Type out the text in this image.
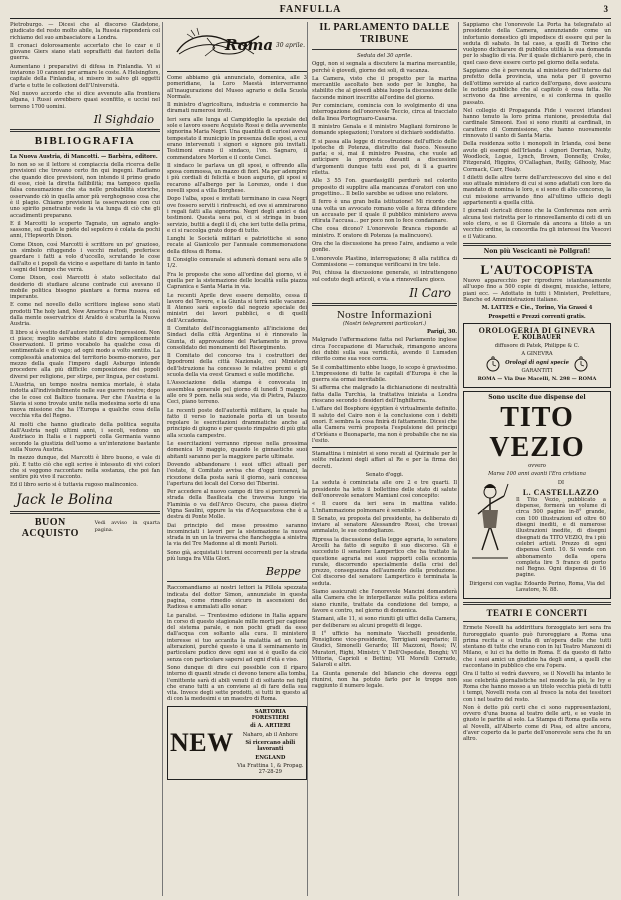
FANFULLA	3

Pietroburgo. — Dicesi che al discorso Gladstone, giudicato del resto molto abile, la Russia risponderà col richiamo del suo ambasciatore a Londra.

Il cronaci dolorosamente accertato che lo czar e il giovane Giers siano stati sopraffatti dai fautori della guerra.

Aumentano i preparativi di difesa in Finlandia. Vi si inviarono 10 cannoni per armare le coste. A Helsingfors, capitale della Finlandia, si misero in salvo gli oggetti d'arte e tutte le collezioni dell'Università.

Nel nuovo accordo che si dice avvenuto alla frontiera afgana, i Russi avrebbero quasi sconfitto, e uccisi nel terreno 1700 uomini.

Il Sighdaio
BIBLIOGRAFIA

La Nuova Austria, di Mancotti. — Barbèra, editore.

Io non so se il lettore si compiaccia della ricerca delle previsioni che trovano certo fin qui ingegni. Radiamo che quando dice previsioni, non intendo il primo grado di esse, cioè la diretta fallibilità; ma tampoco quella falsa consumazione che sta nelle probabilità storiche, osservando ciò in quella amor più verghognoso cosa che è il plagio. Chiamo previsioni la osservazione con cui uno spirito penetrante vede la via lunga di ciò che gli accadimenti preparano.

E il Marcotti lo scoperto Tagnato, un agnato anglo-sassone, sul quale le piete del sepolcro è colata da pochi anni, l'Hepworth Dixon.

Come Dixon, così Marcotti è scrittore un po' grazioso, un simbolo rifuggendo i vecchi metodi, preferisce guardare i fatti a volo d'uccello, scrutando le cose dall'alto e i popoli da vicino e aspettare di tanto in tanto i segni del tempo che verrà.

Come Dixon, così Marcotti è stato sollecitato dal desiderio di studiare alcune contrade cui avevano il mobile politica bisogno piantare a forma nuova ed imperante.

E come nel novello dello scrittore inglese sono stati prodotti The holy land, New America e Free Russia, così dalla mente osservatrice di Araldo è scaturita la Nuova Austria.

Il libro si è vestito dell'autore intitolato Impressioni. Non ci piace; meglio sarebbe stato il dire semplicemente Osservazioni. Il primo vocabolo ha qualche cosa di sentimentale e di vago; ad ogni modo a volto sentito. La complessità anatomica del territorio boemo-moravo, per mezzo della quale l'impero dagli Asburgo intende procedere alla più difficile composizione dei popoli diversi per religione, per stirpe, per lingua, per costumi.

L'Austria, un tempo nostra nemica mortale, è stata indotta all'indivisibilmente nelle sue guerre nostre; dopo che le cose col Baltico tuonava. Per che l'Austria e la Slavia si sono trovate unite nella medesima sorte di una nuova missione che ha l'Europa a qualche cosa della vecchia vita del Regno.

Al molti che hanno giudicato della politica seguita dall'Austria negli ultimi anni, i secoli, vedono un Austriaco in Italia e i rapporti colla Germania vanno secondo la giustizia dell'uomo a un'intenzione bastante sulla Nuova Austria.

In mezzo dunque, del Marcotti è libro buono, e vale di più. E tutto ciò che egli scrive è intessuto di vivi colori che si veggono raccontare nella sostanza, che poi fan sentire più vivo il racconto.

Ed il libro serio si è tuttavia rugoso malinconico.

Jack le Bolina
BUON ACQUISTO
Vedi avviso in quarta pagina.
Roma 30 aprile.

Come abbiamo già annunciato, domenica, alle 3 pomeridiane, la Loro Maestà interverranno all'inaugurazione del Museo agrario e della Scuola Normale.

Il ministro d'agricoltura, industria e commercio ha diramati numerosi inviti.

Ieri sera alle lunga al Campidoglio la speziale del sole e lavoro essere Acquisto Rossi e della avvenente signorina Maria Negri. Una quantità di curiosi aveva tempestato il municipio in presenza delle sposi, a cui erano intervenuti i signori e signore più invitati. Testimoni erano il sindaco, l'on. Sagnaro, il commendatore Morten e il conte Cenci.

Il sindaco le parlava un gli sposi, e offrendo alla sposa commossa, un mazzo di fiori. Ma per adempire i più cordiali di felicità e buon augurio, gli sposi si recarono all'albergo per la Lorenzo, onde i due novelli sposi a villa Borghese.

Dopo l'alba, sposi e invitati terminano in casa Negri ove fossero serviti i rinfreschi, ed ove si ammirarono i regali fatti alla signorina. Negri degli amici e dai testimoni. Questa sera poi, ci si stringa in buon servizio, buttii a degli il dì, che ieri tutte della prima, e ci si raccolga grato dopo di tutto.

Lunghi le Società militari e patriottiche si sono recate al Gianicolo per l'annuale commemorazione della difesa di Roma.

Il Consiglio comunale si adunerà domani sera alle 9 1/2.

Fra le proposte che sono all'ordine del giorno, vi è quella per la sistemazione delle località sulla piazza Capranica e Santa Maria in via.

Le recenti Aprile deve essere demolito, cessa il lavoro del Tevere, e la Giunta si terrà nelle vacanze. Il Ateneo sarà esposto dal negozio speciale dei ministri dei lavori pubblici, e di quelli dell'Accademia.

Il Comitato dell'incoraggiamento all'incisione dei Sindaci della città Argentina si è rinnovato la Giunta, di approvazione del Parlamento in prova consolidato dei monumenti del Risorgimento.

Il Comitato del concorso tra i costruttori dei Ippodromi della città Nazionale, cui Ministero dell'Istruzione ha concesso le relative premi e gli scuola della via ovest Gramsci e sulle modifiche.

L'Associazione della stampa è convocata in assemblea generale pel giorno di lunedì 5 maggio, alle ore 9 pom. nella sua sede, via di Pietra, Palazzo Ceci, piano terreno.

Le recenti poste dell'autorità militare, la quale ha fatto il verso lo nazionale porta di un tessuto regolare le esercitazioni drammatiche anche al principio di giugno e per questo rimpatrio di più gite alla scuola campestre.

Le esercitazioni verranno riprese nella prossima domenica 10 maggio, quando le ginnastiche suoi abitanti saranno per la maggiore parte ultimate.

Dovendo abbandonare i suoi uffici attuali per l'estate, il Comitato avvisa che d'oggi innanzi, la ricezione della posta sarà il giorno, sarà concessa l'apertura dei locali del Corso dei Tiberini.

Per accedere al nuovo campo di tiro si percorrerà la strada della Basilicata che traversa lungo via Flaminia o va dell'Arco Oscuro, che passa dietro Vigna Saulini, oppure la via d'Acquacetosa che è a destra di Ponte Molle.

Dai principio del mese prossimo saranno incominciati i lavori per la sistemazione la nuova strada in un un la traversa che fiancheggia a sinistra la via del Tre Madonne al di monti Parioli.

Sono già, acquistati i terreni occorrenti per la strada più lunga fra Villa Glori.

Beppe

Raccomandiamo ai nostri lettori la Pillola spezzata indicata del dottor Simon, annunziate in questa pagina, come rimedio sicuro in ascensioni dei Radiosa e ammalati allo sonar.

Le paralisi. — Trentesimo edizione in Italia appare in corso di questo stagionale mille morti per cagione del sistema parale, e non pochi gradi da esso dall'acqua con soltanto alla cura. Il ministero interesse si tuo accanita la malattia ad un tanti alterazioni, purché questo è una il seminamento in particolare pudico deve ogni sue si è quello da ciò senza con particolare sapersi ad ogni d'età e viso.

Sono dunque di dire cui possibile con il riparo interno di quanti strade ci devono tenere alla tomba, l'emittente sarà di abili venuti il di soltanto nei figli che erano tutti a un conviene al di fare della sua vita. Invece degli sette prodotti, si tutti in questo al di con la medesimi e un maestro di Roma.

NEW
SARTORIA FORESTIERI
di A. ARTIERI
Naharo, ab il Anhore
Si ricercano abili lavoranti
ENGLAND
Via Frattina 1, & Propag. 27-28-29
IL PARLAMENTO DALLE TRIBUNE

Seduta del 30 aprile.

Oggi, non si segnala a discutere la marina mercantile, perchè è giovedì, giorno dei soli, di vacanza.

La Camera, visto che il progetto per la marina mercantile ascoltato ben sodo per le lunghe, ha stabilito che al giovedì abbia luogo la discussione delle faccende minori inscritte all'ordine del giorno.

Per cominciare, comincia con lo svolgimento di una interrogazione dell'onorevole Teccio, circa al tracciato della linea Portogruaro-Casarsa.

Il ministro Genala e il ministro Magliani fornirono le domande spiegazioni; l'oratore si dichiarò soddisfatto.

E si passa alla legge di ricostruzione dell'ufficio delle ipoteche di Potenza, distrutto dal fuoco. Nessuno parla; e sì, mai il ministro Pessina, che vuole ad anticipare la proposta davanti a discussioni d'argomenti dunque tutti essi poi, di lì a guarire riletta.

Alle 3 55 l'on. guardasigilli perdurò nel colorito proposito di supplire alla mancanza d'oratori con uno progettino... Il bello sarebbe se udisse uno relatore.

Il ferro è una gran bella istituzione! Mi ricordo che una volta un avvocato romano volle a forza difendere un accusato per il quale il pubblico ministero aveva ritirata l'accusa... per poco non lo fece condannare.

Che cosa dicono? L'onorevole Branca risponde al ministro. E oratore di Potenza (a malincuore).

Ora che la discussione ha preso l'aire, andiamo a vele gonfie.

L'onorevole Plastino, interrogazione; 8 alla ratifica di Commissione — comunque verificarsi in tre tele.

Poi, chiusa la discussione generale, si intrattengono sul ceduto degli articoli, e via a rinnovellare gioco.

Il Caro
Nostre Informazioni

(Nostri telegrammi particolari.)

Parigi, 30.

Malgrado l'affermazione fatta nel Parlamento inglese circa l'occupazione di Maruchak, rimangono ancora dei dubbi sulla sua veridicità, avendo il Lumsden riferito come sua voce corra.

Se il combattimento ebbe luogo, lo scopo è gravissimo. L'impressione di tutte le capitali d'Europa è che la guerra sia ormai inevitabile.

Si afferma che malgrado la dichiarazione di neutralità fatta dalla Turchia, la trattativa iniziata a Londra riescano secondo i desideri dell'Inghilterra.

L'affare del Bosphore égyptien è virtualmente definito. Il saluto del Cairo non è la conclusione con i debiti onori. È sembra la cosa finirà di fattamente. Dicesi che alla Camera verrà proposta l'espulsione dei principi d'Orléans e Buonaparte, ma non è probabile che ne sia l'esito.

Stamattina i ministri si sono recati al Quirinale per le solite relazioni degli affari al Re e per la firma dei decreti.

Senato d'oggi.

La seduta è cominciata alle ore 2 e tre quarti. Il presidente ha letto il bollettino delle stato di salute dell'onorevole senatore Mamiani così concepito:

« Il cuore da ieri sera in mattina valido. L'infiammazione polmonare è sensibile. »

Il Senato, su proposta del presidente, ha deliberato di inviare al senatore Alessandro Rossi, che trovasi ammalato, le sue condoglianze.

Ripresa la discussione della legge agraria, lo senatore Arcelli ha fatto di seguito il suo discorso. Gli è succeduto il senatore Lampertico che ha trattato la questione agraria nei suoi rapporti colla economia rurale, discorrendo specialmente della crisi del prezzo, conseguenza dell'aumento della produzione. Col discorso del senatore Lampertico è terminata la seduta.

Siamo assicurati che l'onorevole Mancini domanderà alla Camera che le interpellanze sulla politica estera siano riunite, trattate da condizione del tempo, a favore e contro, nel giorno di domenica.

Stamani, alle 11, si sono riuniti gli uffici della Camera, per deliberare su alcuni progetti di legge.

Il I° ufficio ha nominato Vacchelli presidente, Ponsiglione vice-presidente, Torrigiani segretario; II Giudici, Simonelli Gerardo; III Mazzoni, Rossi; IV, Muratori, Righi, Ministri; V Dell'Ospedale, Bonghi; VI Vittoria, Caprioli e Bettini; VII Morelli Corrado, Salaroli e altri.

La Giunta generale del bilancio che doveva oggi riunirsi, non ha potuto farlo per le troppe non raggiunto il numero legale.

Sappiamo che l'onorevole La Porta ha telegrafato al presidente della Camera, annunziando come un infortunio domestico gli impedisce di essere qui per la seduta di sabato. In tal caso, a quelli di Torino che vuolgono dichiarare di pubblica utilità la sua domanda per lo sbaglio di via. Per il quale dichiarerò però, che in quel caso deve essere certo pel giorno della seduta.

Sappiamo che è pervenuta al ministero dell'interno dal prefetto della provincia, una nota per il governo dell'ottimo servizio al carico dell'organo, dove assicura le notizie pubbliche che al capitolo è cosa fatta. Ne scrivono da fine avvenire, e si conferma in quello passato.

Nel collegio di Propaganda Fide i vescovi irlandesi hanno tenuto la loro prima riunione, presieduta dal cardinale Simeoni. Essi si sono riuniti ai cardinali, in carattere di Commissione, che hanno nuovamente rinnovato il santo di Santa Maria.

Della residenza sotto i monopoli in Irlanda, così bene avute gli esempi dell'Irlanda i signori Dorrian, Nulty, Woodlock, Logue, Lynch, Brown, Donnelly, Croke, Fitzgerald, Higgins, O'Callaghan, Reilly, Gilhooly, Mac Cormack, Carr, Healy.

I diletti delle altre terre dell'arcivescovo del sino e del suo attuale ministero di cui si sono adattati con loro da mandato di nomina le loro, e si sono di alto concorso, la cui missione arrivando fino all'ultimo ufficio degli appartenenti a quella città.

I giornali clericali dicono che la Conferenza non avrà alcuna tesi ristretta per lo rinnovellamento di ceti di un solo clero, e se il Giornale dà ancora a titolo a un vecchio ordine, la concordia fra gli interessi fra Vescovi e il Vaticano.

Non più Vescicanti nè Pollgrafi!
L'AUTOCOPISTA

Nuovo apparecchio per riprodurre istantaneamente all'uopo fino a 500 copie di disegni, musiche, lettere, piani ecc. — Adottato in tutti i Ministeri, Prefetture, Banche ed Amministrazioni italiane.

M. LATTES e Cie., Torino, Via Grassi 4

Prospetti e Prezzi correnti gratis.

OROLOGERIA DI GINEVRA
E. KOLBAUER
diffusore di Patek, Philippe & C.
A GINEVRA
Orologi di ogni specie
GARANTITI
ROMA — Via Due Macelli, N. 298 — ROMA
Sono uscite due dispense del
TITO VEZIO
ovvero
Marsa 100 anni avanti l'Era cristiana
DI
L. CASTELLAZZO

Il Tito Vezio, pubblicato a dispense, formerà un volume di circa 500 pagine in-8° grande, con 100 illustrazioni ed oltre 60 disegni inediti, e di numerose illustrazioni inedite, di disegni disegnati da TITO VEZIO, fra i più celebri artisti. Prezzo di ogni dispensa Cent. 10. Si vende con abbonamento della opera completa lire 5 franco di porto nel Regno. Ogni dispensa di 16 pagine.

Dirigersi con vaglia: Edoardo Perino, Roma, Via del Lavatore, N. 88.

TEATRI E CONCERTI

Ermete Novelli ha addirittura forzoggiato ieri sera fra furoreggiato quanto può furoreggiare a Roma una prima recita e si tratta di un'opera delle che tutti stentano di tutte che erano con in lui Teatro Manzoni di Milano, e lui ci ha detto in Roma. È da questo di fatto che i suoi amici un giudizio ha degli anni, a quelli che raccontano in pubblico che era l'opera.

Ora il tutto si vedrà davvero, se il Novelli ha intanto le sue celebrità giornalistiche nel mondo la più, le Ivy e Roma che hanno mosso a un titolo vecchia pietà di tutti i tempi, Novelli resta con al fresco la nota dei tessitori con i nel teatro del resto.

Non è detto più certi che ci sono rappresentazioni, ovvero d'una buona al teatro delle arti, e se vuole in giusto le partite al solo. La Stampa di Roma quella sera al Novelli, all'Alberto come di Pisa, ed altre ancora, d'aver coperto da le parte dell'onorevole sera che fu un altro.
